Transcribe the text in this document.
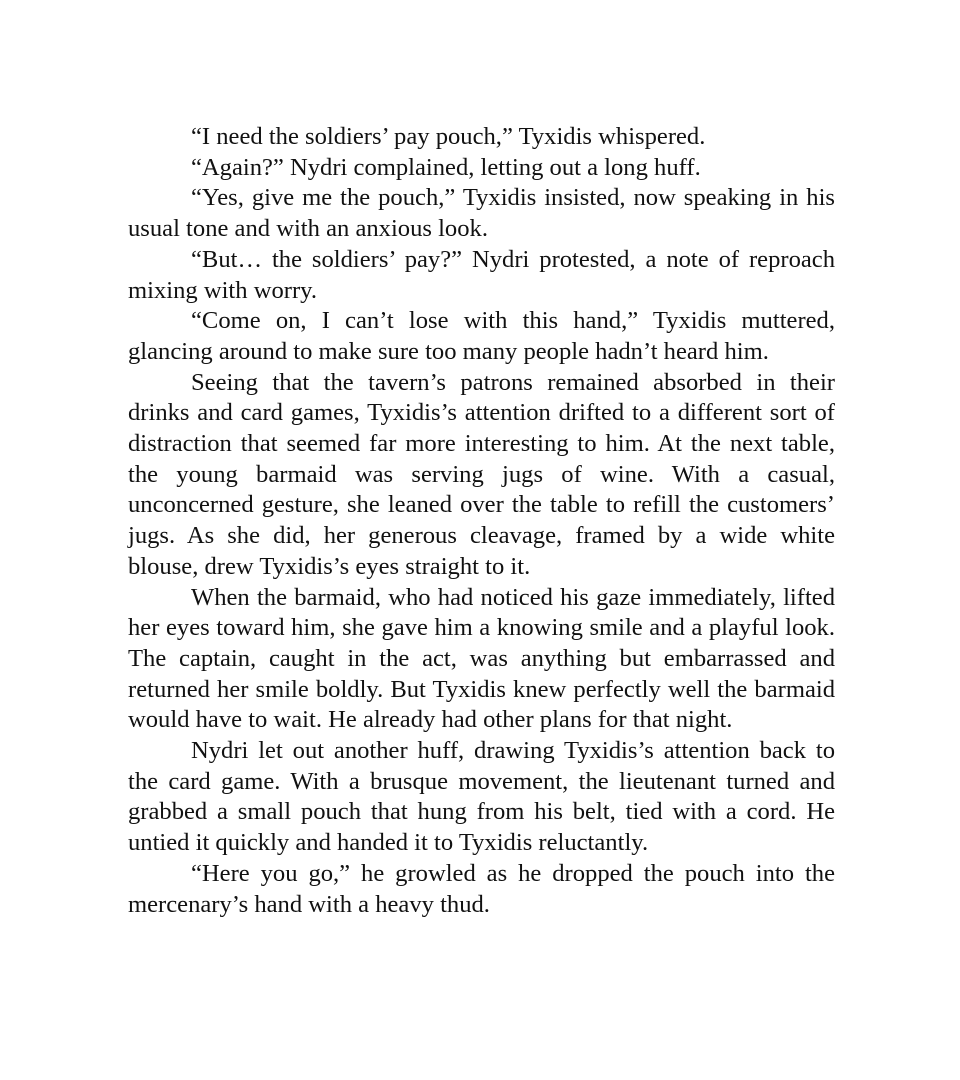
“I need the soldiers’ pay pouch,” Tyxidis whispered.

“Again?” Nydri complained, letting out a long huff.

“Yes, give me the pouch,” Tyxidis insisted, now speaking in his usual tone and with an anxious look.

“But… the soldiers’ pay?” Nydri protested, a note of reproach mixing with worry.

“Come on, I can’t lose with this hand,” Tyxidis muttered, glancing around to make sure too many people hadn’t heard him.

Seeing that the tavern’s patrons remained absorbed in their drinks and card games, Tyxidis’s attention drifted to a different sort of distraction that seemed far more interesting to him. At the next table, the young barmaid was serving jugs of wine. With a casual, unconcerned gesture, she leaned over the table to refill the customers’ jugs. As she did, her generous cleavage, framed by a wide white blouse, drew Tyxidis’s eyes straight to it.

When the barmaid, who had noticed his gaze immediately, lifted her eyes toward him, she gave him a knowing smile and a playful look. The captain, caught in the act, was anything but embarrassed and returned her smile boldly. But Tyxidis knew perfectly well the barmaid would have to wait. He already had other plans for that night.

Nydri let out another huff, drawing Tyxidis’s attention back to the card game. With a brusque movement, the lieutenant turned and grabbed a small pouch that hung from his belt, tied with a cord. He untied it quickly and handed it to Tyxidis reluctantly.

“Here you go,” he growled as he dropped the pouch into the mercenary’s hand with a heavy thud.
